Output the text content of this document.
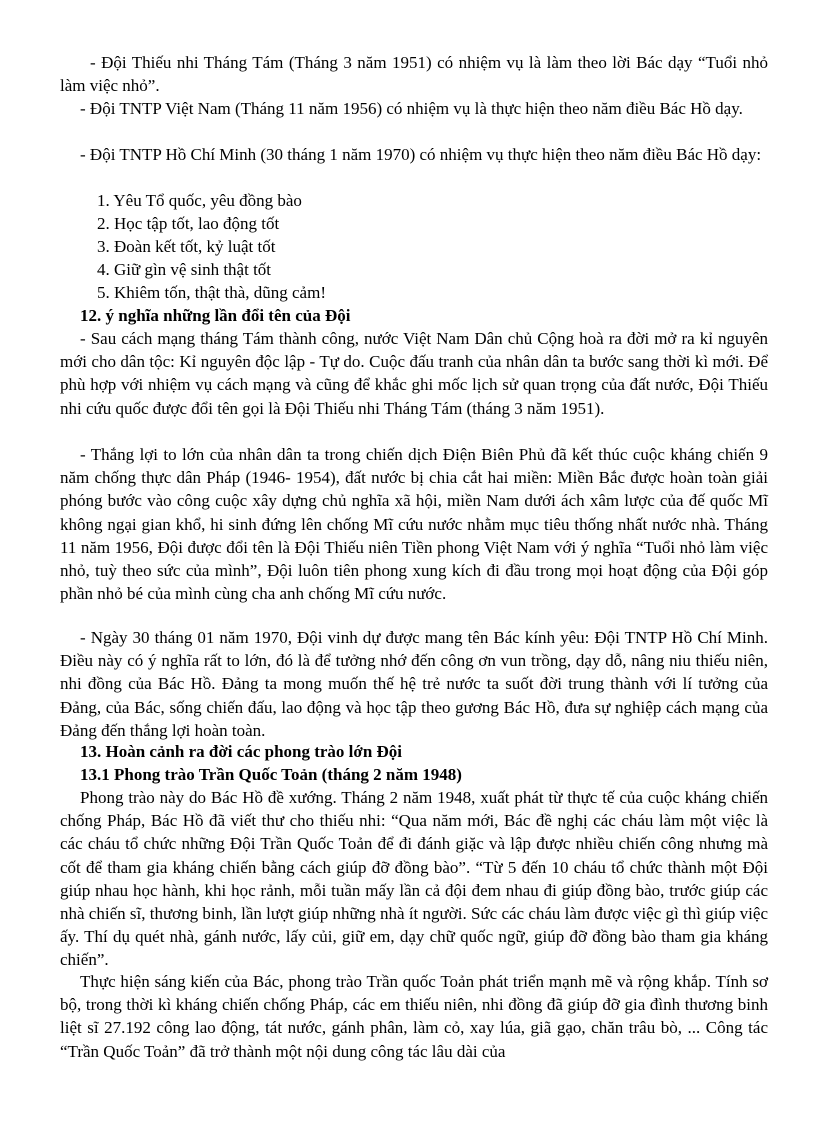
- Đội Thiếu nhi Tháng Tám (Tháng 3 năm 1951) có nhiệm vụ là làm theo lời Bác dạy “Tuổi nhỏ làm việc nhỏ”.

- Đội TNTP Việt Nam (Tháng 11 năm 1956) có nhiệm vụ là thực hiện theo năm điều Bác Hồ dạy.

- Đội TNTP Hồ Chí Minh (30 tháng 1 năm 1970) có nhiệm vụ thực hiện theo năm điều Bác Hồ dạy:

1. Yêu Tổ quốc, yêu đồng bào

2. Học tập tốt, lao động tốt

3. Đoàn kết tốt, kỷ luật tốt

4. Giữ gìn vệ sinh thật tốt

5. Khiêm tốn, thật thà, dũng cảm!

12. ý nghĩa những lần đổi tên của Đội

- Sau cách mạng tháng Tám thành công, nước Việt Nam Dân chủ Cộng hoà ra đời mở ra kỉ nguyên mới cho dân tộc: Kỉ nguyên độc lập - Tự do. Cuộc đấu tranh của nhân dân ta bước sang thời kì mới. Để phù hợp với nhiệm vụ cách mạng và cũng để khắc ghi mốc lịch sử quan trọng của đất nước, Đội Thiếu nhi cứu quốc được đổi tên gọi là Đội Thiếu nhi Tháng Tám (tháng 3 năm 1951).

- Thắng lợi to lớn của nhân dân ta trong chiến dịch Điện Biên Phủ đã kết thúc cuộc kháng chiến 9 năm chống thực dân Pháp (1946- 1954), đất nước bị chia cắt hai miền: Miền Bắc được hoàn toàn giải phóng bước vào công cuộc xây dựng chủ nghĩa xã hội, miền Nam dưới ách xâm lược của đế quốc Mĩ không ngại gian khổ, hi sinh đứng lên chống Mĩ cứu nước nhằm mục tiêu thống nhất nước nhà. Tháng 11 năm 1956, Đội được đổi tên là Đội Thiếu niên Tiền phong Việt Nam với ý nghĩa “Tuổi nhỏ làm việc nhỏ, tuỳ theo sức của mình”, Đội luôn tiên phong xung kích đi đầu trong mọi hoạt động của Đội góp phần nhỏ bé của mình cùng cha anh chống Mĩ cứu nước.

- Ngày 30 tháng 01 năm 1970, Đội vinh dự được mang tên Bác kính yêu: Đội TNTP Hồ Chí Minh. Điều này có ý nghĩa rất to lớn, đó là để tưởng nhớ đến công ơn vun trồng, dạy dỗ, nâng niu thiếu niên, nhi đồng của Bác Hồ. Đảng ta mong muốn thế hệ trẻ nước ta suốt đời trung thành với lí tưởng của Đảng, của Bác, sống chiến đấu, lao động và học tập theo gương Bác Hồ, đưa sự nghiệp cách mạng của Đảng đến thắng lợi hoàn toàn.

13. Hoàn cảnh ra đời các phong trào lớn Đội

13.1 Phong trào Trần Quốc Toản (tháng 2 năm 1948)

Phong trào này do Bác Hồ đề xướng. Tháng 2 năm 1948, xuất phát từ thực tế của cuộc kháng chiến chống Pháp, Bác Hồ đã viết thư cho thiếu nhi: “Qua năm mới, Bác đề nghị các cháu làm một việc là các cháu tổ chức những Đội Trần Quốc Toản để đi đánh giặc và lập được nhiều chiến công nhưng mà cốt để tham gia kháng chiến bằng cách giúp đỡ đồng bào”. “Từ 5 đến 10 cháu tổ chức thành một Đội giúp nhau học hành, khi học rảnh, mỗi tuần mấy lần cả đội đem nhau đi giúp đồng bào, trước giúp các nhà chiến sĩ, thương binh, lần lượt giúp những nhà ít người. Sức các cháu làm được việc gì thì giúp việc ấy. Thí dụ quét nhà, gánh nước, lấy củi, giữ em, dạy chữ quốc ngữ, giúp đỡ đồng bào tham gia kháng chiến”.

Thực hiện sáng kiến của Bác, phong trào Trần quốc Toản phát triển mạnh mẽ và rộng khắp. Tính sơ bộ, trong thời kì kháng chiến chống Pháp, các em thiếu niên, nhi đồng đã giúp đỡ gia đình thương binh liệt sĩ 27.192 công lao động, tát nước, gánh phân, làm cỏ, xay lúa, giã gạo, chăn trâu bò, ... Công tác “Trần Quốc Toản” đã trở thành một nội dung công tác lâu dài của
